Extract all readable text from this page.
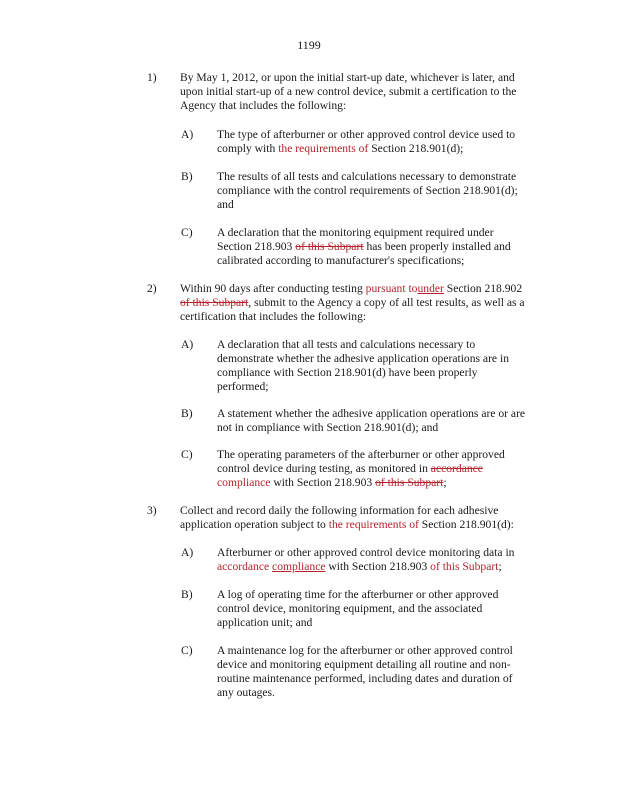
1199
1) By May 1, 2012, or upon the initial start-up date, whichever is later, and
upon initial start-up of a new control device, submit a certification to the
Agency that includes the following:
A) The type of afterburner or other approved control device used to
comply with the requirements of Section 218.901(d);
B) The results of all tests and calculations necessary to demonstrate
compliance with the control requirements of Section 218.901(d);
and
C) A declaration that the monitoring equipment required under
Section 218.903 of this Subpart has been properly installed and
calibrated according to manufacturer's specifications;
2) Within 90 days after conducting testing pursuant tounder Section 218.902
of this Subpart, submit to the Agency a copy of all test results, as well as a
certification that includes the following:
A) A declaration that all tests and calculations necessary to
demonstrate whether the adhesive application operations are in
compliance with Section 218.901(d) have been properly
performed;
B) A statement whether the adhesive application operations are or are
not in compliance with Section 218.901(d); and
C) The operating parameters of the afterburner or other approved
control device during testing, as monitored in accordance
compliance with Section 218.903 of this Subpart;
3) Collect and record daily the following information for each adhesive
application operation subject to the requirements of Section 218.901(d):
A) Afterburner or other approved control device monitoring data in
accordance compliance with Section 218.903 of this Subpart;
B) A log of operating time for the afterburner or other approved
control device, monitoring equipment, and the associated
application unit; and
C) A maintenance log for the afterburner or other approved control
device and monitoring equipment detailing all routine and non-
routine maintenance performed, including dates and duration of
any outages.
